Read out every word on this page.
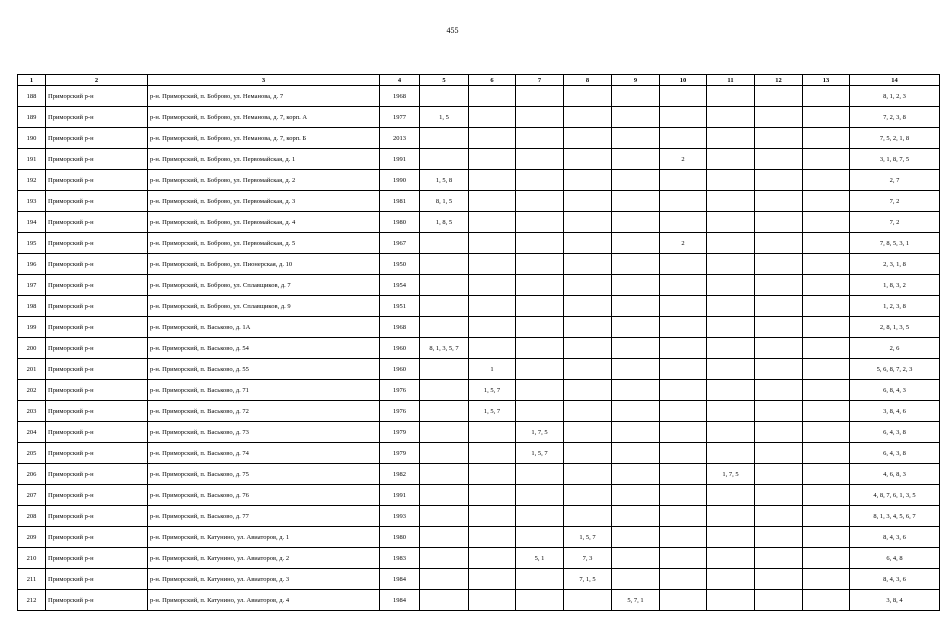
455
1	2	3	4	5	6	7	8	9	10	11	12	13	14
188	Приморский р-н	р-н. Приморский, п. Боброво, ул. Неманова, д. 7	1968										8, 1, 2, 3
189	Приморский р-н	р-н. Приморский, п. Боброво, ул. Неманова, д. 7, корп. А	1977	1, 5									7, 2, 3, 8
190	Приморский р-н	р-н. Приморский, п. Боброво, ул. Неманова, д. 7, корп. Б	2013										7, 5, 2, 1, 8
191	Приморский р-н	р-н. Приморский, п. Боброво, ул. Первомайская, д. 1	1991						2				3, 1, 8, 7, 5
192	Приморский р-н	р-н. Приморский, п. Боброво, ул. Первомайская, д. 2	1990	1, 5, 8									2, 7
193	Приморский р-н	р-н. Приморский, п. Боброво, ул. Первомайская, д. 3	1981	8, 1, 5									7, 2
194	Приморский р-н	р-н. Приморский, п. Боброво, ул. Первомайская, д. 4	1980	1, 8, 5									7, 2
195	Приморский р-н	р-н. Приморский, п. Боброво, ул. Первомайская, д. 5	1967						2				7, 8, 5, 3, 1
196	Приморский р-н	р-н. Приморский, п. Боброво, ул. Пионерская, д. 10	1950										2, 3, 1, 8
197	Приморский р-н	р-н. Приморский, п. Боброво, ул. Сплавщиков, д. 7	1954										1, 8, 3, 2
198	Приморский р-н	р-н. Приморский, п. Боброво, ул. Сплавщиков, д. 9	1951										1, 2, 3, 8
199	Приморский р-н	р-н. Приморский, п. Васьково, д. 1А	1968										2, 8, 1, 3, 5
200	Приморский р-н	р-н. Приморский, п. Васьково, д. 54	1960	8, 1, 3, 5, 7									2, 6
201	Приморский р-н	р-н. Приморский, п. Васьково, д. 55	1960		1								5, 6, 8, 7, 2, 3
202	Приморский р-н	р-н. Приморский, п. Васьково, д. 71	1976		1, 5, 7								6, 8, 4, 3
203	Приморский р-н	р-н. Приморский, п. Васьково, д. 72	1976		1, 5, 7								3, 8, 4, 6
204	Приморский р-н	р-н. Приморский, п. Васьково, д. 73	1979			1, 7, 5							6, 4, 3, 8
205	Приморский р-н	р-н. Приморский, п. Васьково, д. 74	1979			1, 5, 7							6, 4, 3, 8
206	Приморский р-н	р-н. Приморский, п. Васьково, д. 75	1982							1, 7, 5			4, 6, 8, 3
207	Приморский р-н	р-н. Приморский, п. Васьково, д. 76	1991										4, 8, 7, 6, 1, 3, 5
208	Приморский р-н	р-н. Приморский, п. Васьково, д. 77	1993										8, 1, 3, 4, 5, 6, 7
209	Приморский р-н	р-н. Приморский, п. Катунино, ул. Авиаторов, д. 1	1980				1, 5, 7						8, 4, 3, 6
210	Приморский р-н	р-н. Приморский, п. Катунино, ул. Авиаторов, д. 2	1983			5, 1	7, 3						6, 4, 8
211	Приморский р-н	р-н. Приморский, п. Катунино, ул. Авиаторов, д. 3	1984				7, 1, 5						8, 4, 3, 6
212	Приморский р-н	р-н. Приморский, п. Катунино, ул. Авиаторов, д. 4	1984					5, 7, 1					3, 8, 4
